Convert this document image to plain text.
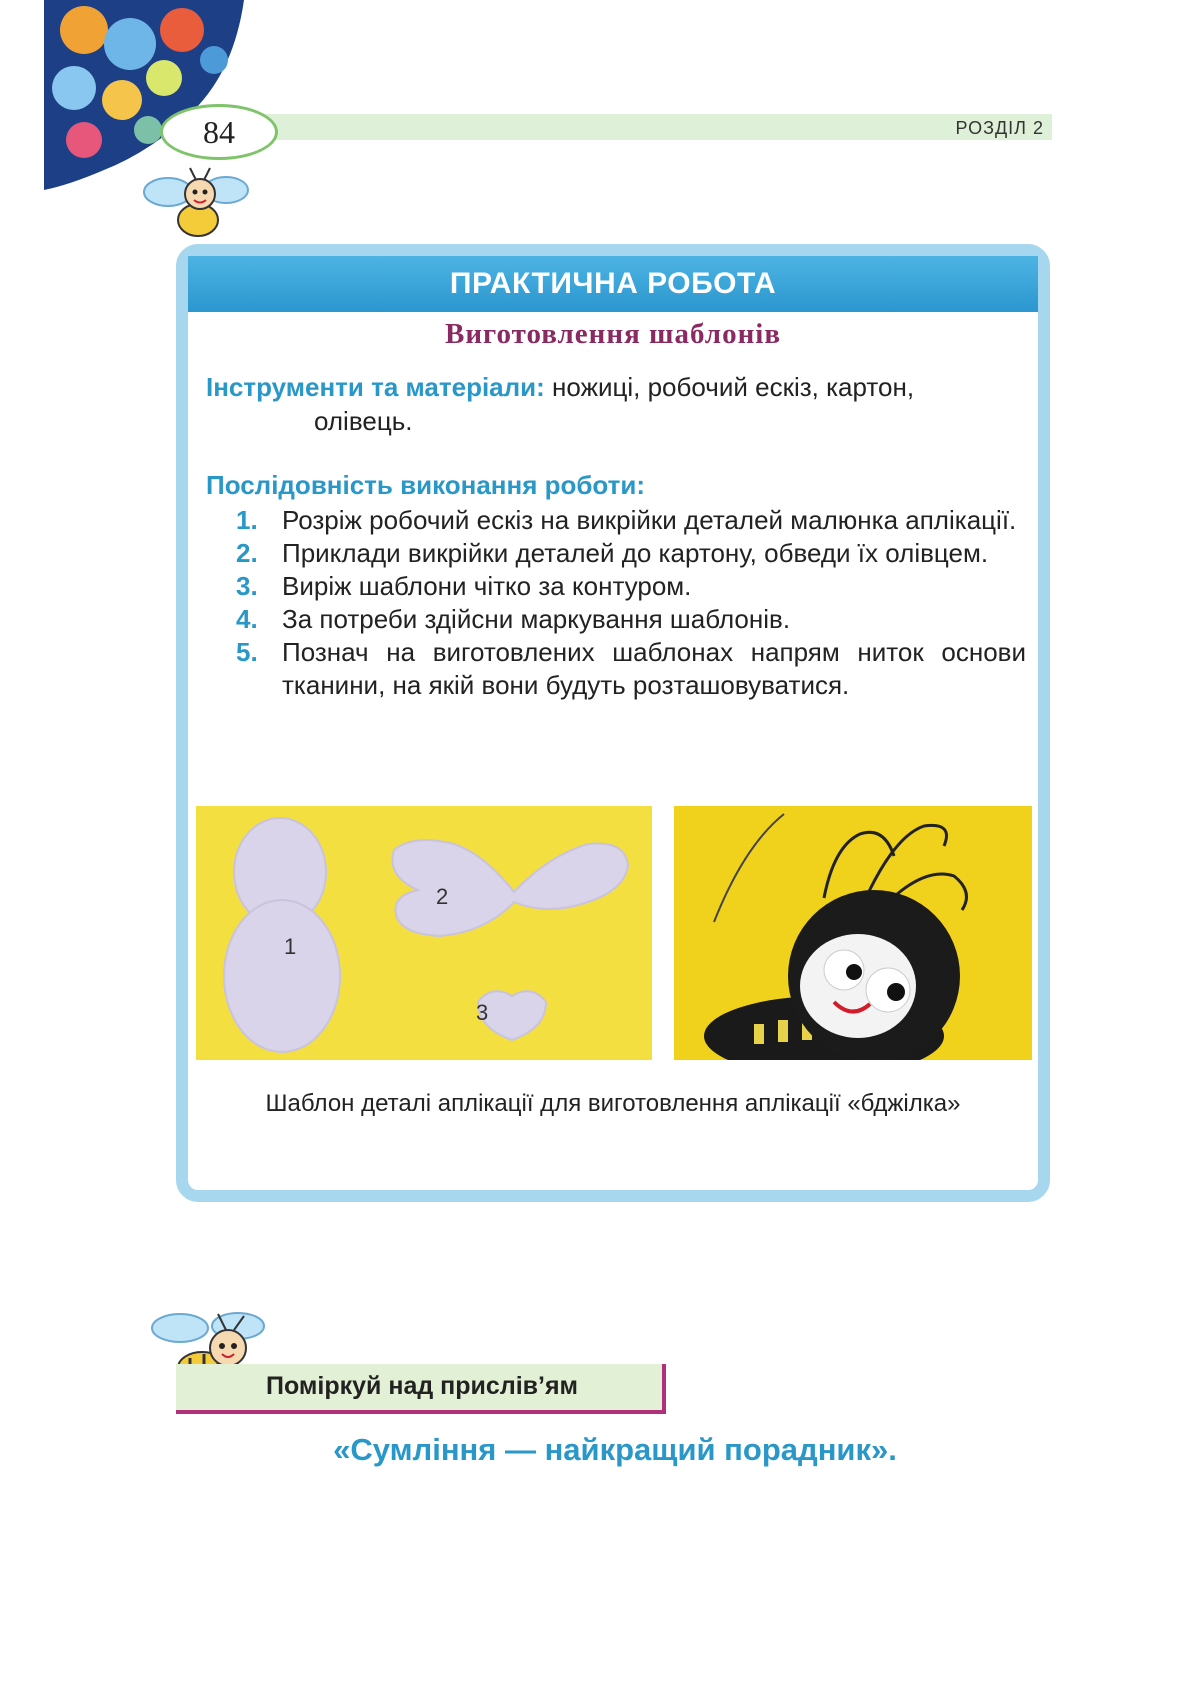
84	РОЗДІЛ 2
ПРАКТИЧНА РОБОТА
Виготовлення шаблонів
Інструменти та матеріали: ножиці, робочий ескіз, картон,
олівець.
Послідовність виконання роботи:
1. Розріж робочий ескіз на викрійки деталей малюнка аплікації.
2. Приклади викрійки деталей до картону, обведи їх олівцем.
3. Виріж шаблони чітко за контуром.
4. За потреби здійсни маркування шаблонів.
5. Познач на виготовлених шаблонах напрям ниток основи тканини, на якій вони будуть розташовуватися.
1
2
3
Шаблон деталі аплікації для виготовлення аплікації «бджілка»
Поміркуй над прислів’ям
«Сумління — найкращий порадник».
